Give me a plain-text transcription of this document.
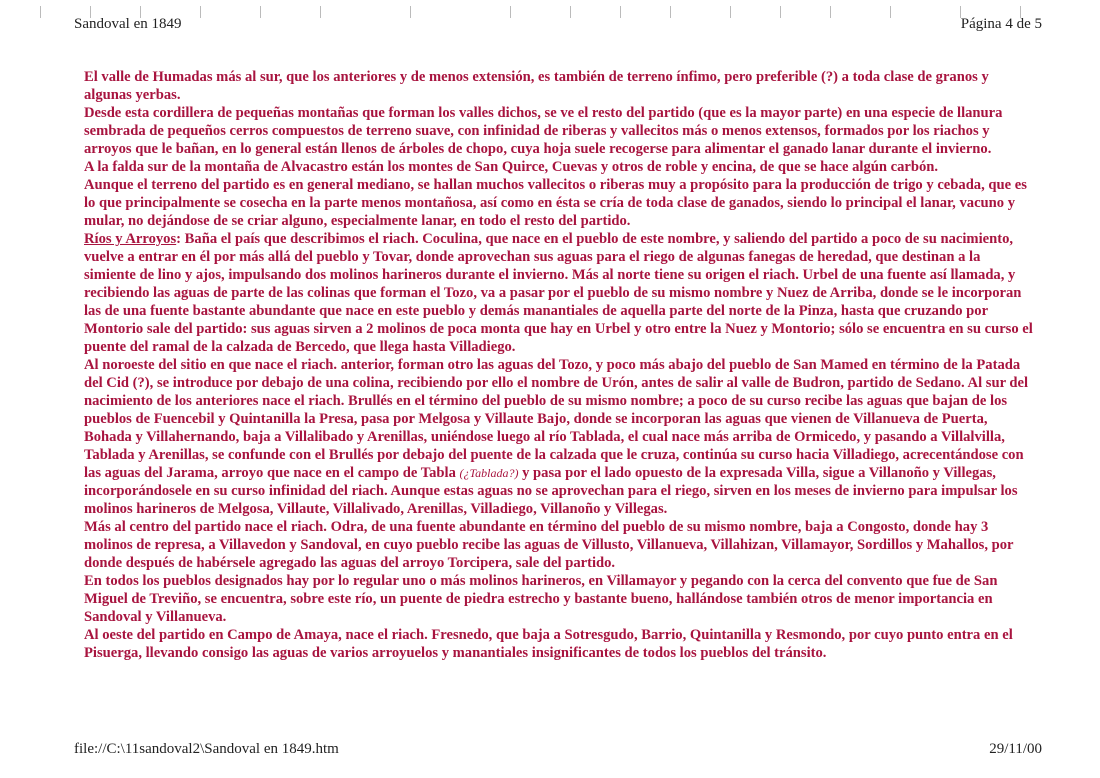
Sandoval en 1849	Página 4 de 5

El valle de Humadas más al sur, que los anteriores y de menos extensión, es también de terreno ínfimo, pero preferible (?) a toda clase de granos y algunas yerbas.

Desde esta cordillera de pequeñas montañas que forman los valles dichos, se ve el resto del partido (que es la mayor parte) en una especie de llanura sembrada de pequeños cerros compuestos de terreno suave, con infinidad de riberas y vallecitos más o menos extensos, formados por los riachos y arroyos que le bañan, en lo general están llenos de árboles de chopo, cuya hoja suele recogerse para alimentar el ganado lanar durante el invierno.

A la falda sur de la montaña de Alvacastro están los montes de San Quirce, Cuevas y otros de roble y encina, de que se hace algún carbón.

Aunque el terreno del partido es en general mediano, se hallan muchos vallecitos o riberas muy a propósito para la producción de trigo y cebada, que es lo que principalmente se cosecha en la parte menos montañosa, así como en ésta se cría de toda clase de ganados, siendo lo principal el lanar, vacuno y mular, no dejándose de se criar alguno, especialmente lanar, en todo el resto del partido.

Ríos y Arroyos: Baña el país que describimos el riach. Coculina, que nace en el pueblo de este nombre, y saliendo del partido a poco de su nacimiento, vuelve a entrar en él por más allá del pueblo y Tovar, donde aprovechan sus aguas para el riego de algunas fanegas de heredad, que destinan a la simiente de lino y ajos, impulsando dos molinos harineros durante el invierno. Más al norte tiene su origen el riach. Urbel de una fuente así llamada, y recibiendo las aguas de parte de las colinas que forman el Tozo, va a pasar por el pueblo de su mismo nombre y Nuez de Arriba, donde se le incorporan las de una fuente bastante abundante que nace en este pueblo y demás manantiales de aquella parte del norte de la Pinza, hasta que cruzando por Montorio sale del partido: sus aguas sirven a 2 molinos de poca monta que hay en Urbel y otro entre la Nuez y Montorio; sólo se encuentra en su curso el puente del ramal de la calzada de Bercedo, que llega hasta Villadiego.

Al noroeste del sitio en que nace el riach. anterior, forman otro las aguas del Tozo, y poco más abajo del pueblo de San Mamed en término de la Patada del Cid (?), se introduce por debajo de una colina, recibiendo por ello el nombre de Urón, antes de salir al valle de Budron, partido de Sedano. Al sur del nacimiento de los anteriores nace el riach. Brullés en el término del pueblo de su mismo nombre; a poco de su curso recibe las aguas que bajan de los pueblos de Fuencebil y Quintanilla la Presa, pasa por Melgosa y Villaute Bajo, donde se incorporan las aguas que vienen de Villanueva de Puerta, Bohada y Villahernando, baja a Villalibado y Arenillas, uniéndose luego al río Tablada, el cual nace más arriba de Ormicedo, y pasando a Villalvilla, Tablada y Arenillas, se confunde con el Brullés por debajo del puente de la calzada que le cruza, continúa su curso hacia Villadiego, acrecentándose con las aguas del Jarama, arroyo que nace en el campo de Tabla (¿Tablada?) y pasa por el lado opuesto de la expresada Villa, sigue a Villanoño y Villegas, incorporándosele en su curso infinidad del riach. Aunque estas aguas no se aprovechan para el riego, sirven en los meses de invierno para impulsar los molinos harineros de Melgosa, Villaute, Villalivado, Arenillas, Villadiego, Villanoño y Villegas.

Más al centro del partido nace el riach. Odra, de una fuente abundante en término del pueblo de su mismo nombre, baja a Congosto, donde hay 3 molinos de represa, a Villavedon y Sandoval, en cuyo pueblo recibe las aguas de Villusto, Villanueva, Villahizan, Villamayor, Sordillos y Mahallos, por donde después de habérsele agregado las aguas del arroyo Torcipera, sale del partido.

En todos los pueblos designados hay por lo regular uno o más molinos harineros, en Villamayor y pegando con la cerca del convento que fue de San Miguel de Treviño, se encuentra, sobre este río, un puente de piedra estrecho y bastante bueno, hallándose también otros de menor importancia en Sandoval y Villanueva.

Al oeste del partido en Campo de Amaya, nace el riach. Fresnedo, que baja a Sotresgudo, Barrio, Quintanilla y Resmondo, por cuyo punto entra en el Pisuerga, llevando consigo las aguas de varios arroyuelos y manantiales insignificantes de todos los pueblos del tránsito.

file://C:\11sandoval2\Sandoval en 1849.htm	29/11/00
